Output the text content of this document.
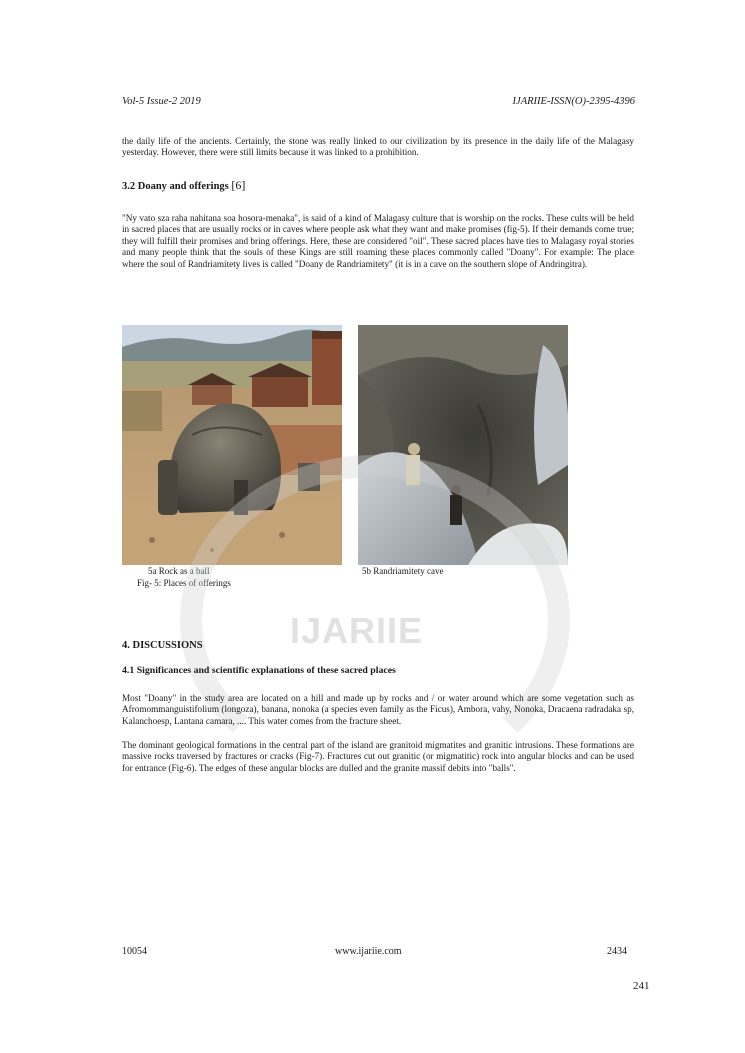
Vol-5 Issue-2 2019	IJARIIE-ISSN(O)-2395-4396
the daily life of the ancients. Certainly, the stone was really linked to our civilization by its presence in the daily life of the Malagasy yesterday. However, there were still limits because it was linked to a prohibition.
3.2 Doany and offerings [6]
"Ny vato sza raha nahitana soa hosora-menaka", is said of a kind of Malagasy culture that is worship on the rocks. These cults will be held in sacred places that are usually rocks or in caves where people ask what they want and make promises (fig-5). If their demands come true; they will fulfill their promises and bring offerings. Here, these are considered "oil". These sacred places have ties to Malagasy royal stories and many people think that the souls of these Kings are still roaming these places commonly called "Doany". For example: The place where the soul of Randriamitety lives is called "Doany de Randriamitety" (it is in a cave on the southern slope of Andringitra).
5a Rock as a ball
Fig- 5: Places of offerings
5b Randriamitety cave
IJARIIE
4. DISCUSSIONS
4.1 Significances and scientific explanations of these sacred places
Most "Doany" in the study area are located on a hill and made up by rocks and / or water around which are some vegetation such as Afromommanguistifolium (longoza), banana, nonoka (a species even family as the Ficus), Ambora, vahy, Nonoka, Dracaena radradaka sp, Kalanchoesp, Lantana camara, .... This water comes from the fracture sheet.
The dominant geological formations in the central part of the island are granitoid migmatites and granitic intrusions. These formations are massive rocks traversed by fractures or cracks (Fig-7). Fractures cut out granitic (or migmatitic) rock into angular blocks and can be used for entrance (Fig-6). The edges of these angular blocks are dulled and the granite massif debits into "balls".
10054	www.ijariie.com	2434
241
